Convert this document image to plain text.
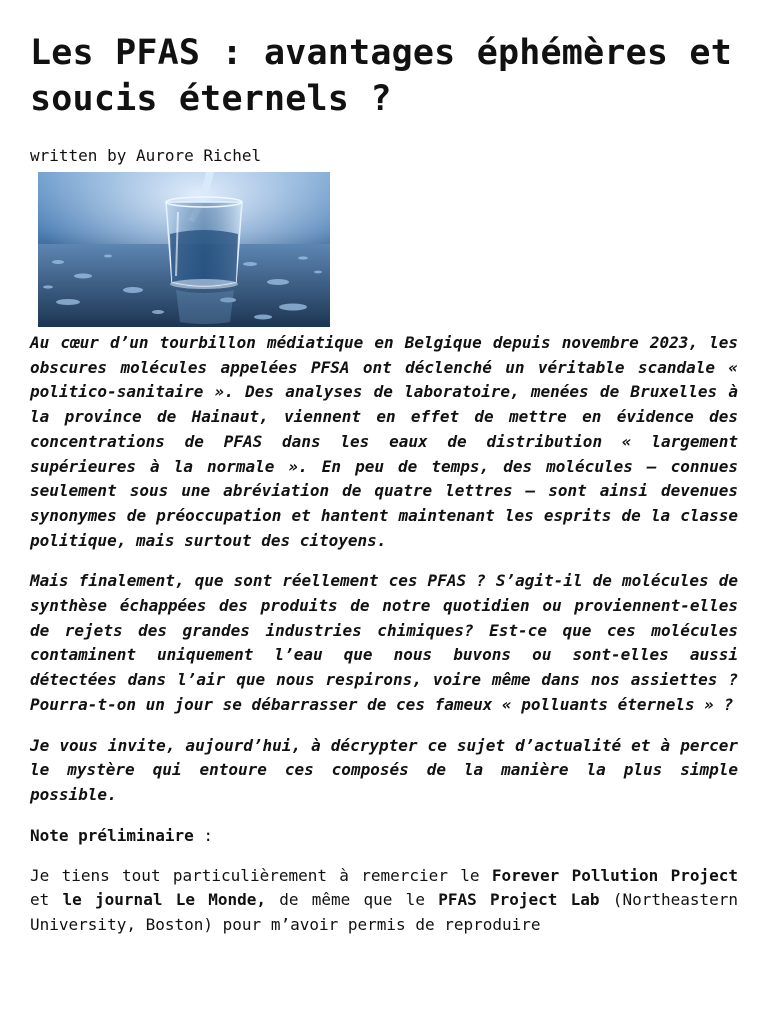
Les PFAS : avantages éphémères et soucis éternels ?
written by Aurore Richel

Au cœur d’un tourbillon médiatique en Belgique depuis novembre 2023, les obscures molécules appelées PFSA ont déclenché un véritable scandale « politico-sanitaire ». Des analyses de laboratoire, menées de Bruxelles à la province de Hainaut, viennent en effet de mettre en évidence des concentrations de PFAS dans les eaux de distribution « largement supérieures à la normale ». En peu de temps, des molécules – connues seulement sous une abréviation de quatre lettres – sont ainsi devenues synonymes de préoccupation et hantent maintenant les esprits de la classe politique, mais surtout des citoyens.

Mais finalement, que sont réellement ces PFAS ? S’agit-il de molécules de synthèse échappées des produits de notre quotidien ou proviennent-elles de rejets des grandes industries chimiques? Est-ce que ces molécules contaminent uniquement l’eau que nous buvons ou sont-elles aussi détectées dans l’air que nous respirons, voire même dans nos assiettes ? Pourra-t-on un jour se débarrasser de ces fameux « polluants éternels » ?

Je vous invite, aujourd’hui, à décrypter ce sujet d’actualité et à percer le mystère qui entoure ces composés de la manière la plus simple possible.

Note préliminaire :

Je tiens tout particulièrement à remercier le Forever Pollution Project et le journal Le Monde, de même que le PFAS Project Lab (Northeastern University, Boston) pour m’avoir permis de reproduire
